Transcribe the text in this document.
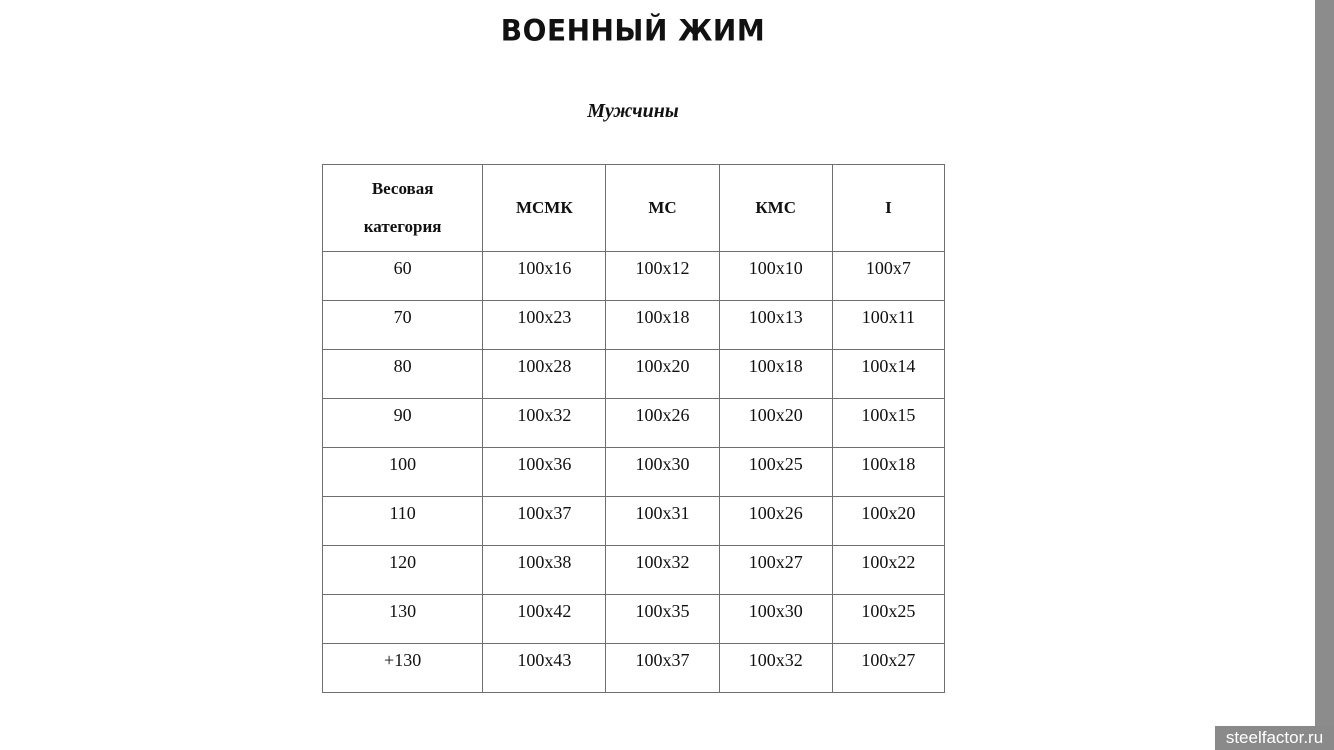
ВОЕННЫЙ ЖИМ
Мужчины
Весовая
категория	МСМК	МС	КМС	I
60	100x16	100x12	100x10	100x7
70	100x23	100x18	100x13	100x11
80	100x28	100x20	100x18	100x14
90	100x32	100x26	100x20	100x15
100	100x36	100x30	100x25	100x18
110	100x37	100x31	100x26	100x20
120	100x38	100x32	100x27	100x22
130	100x42	100x35	100x30	100x25
+130	100x43	100x37	100x32	100x27
steelfactor.ru
